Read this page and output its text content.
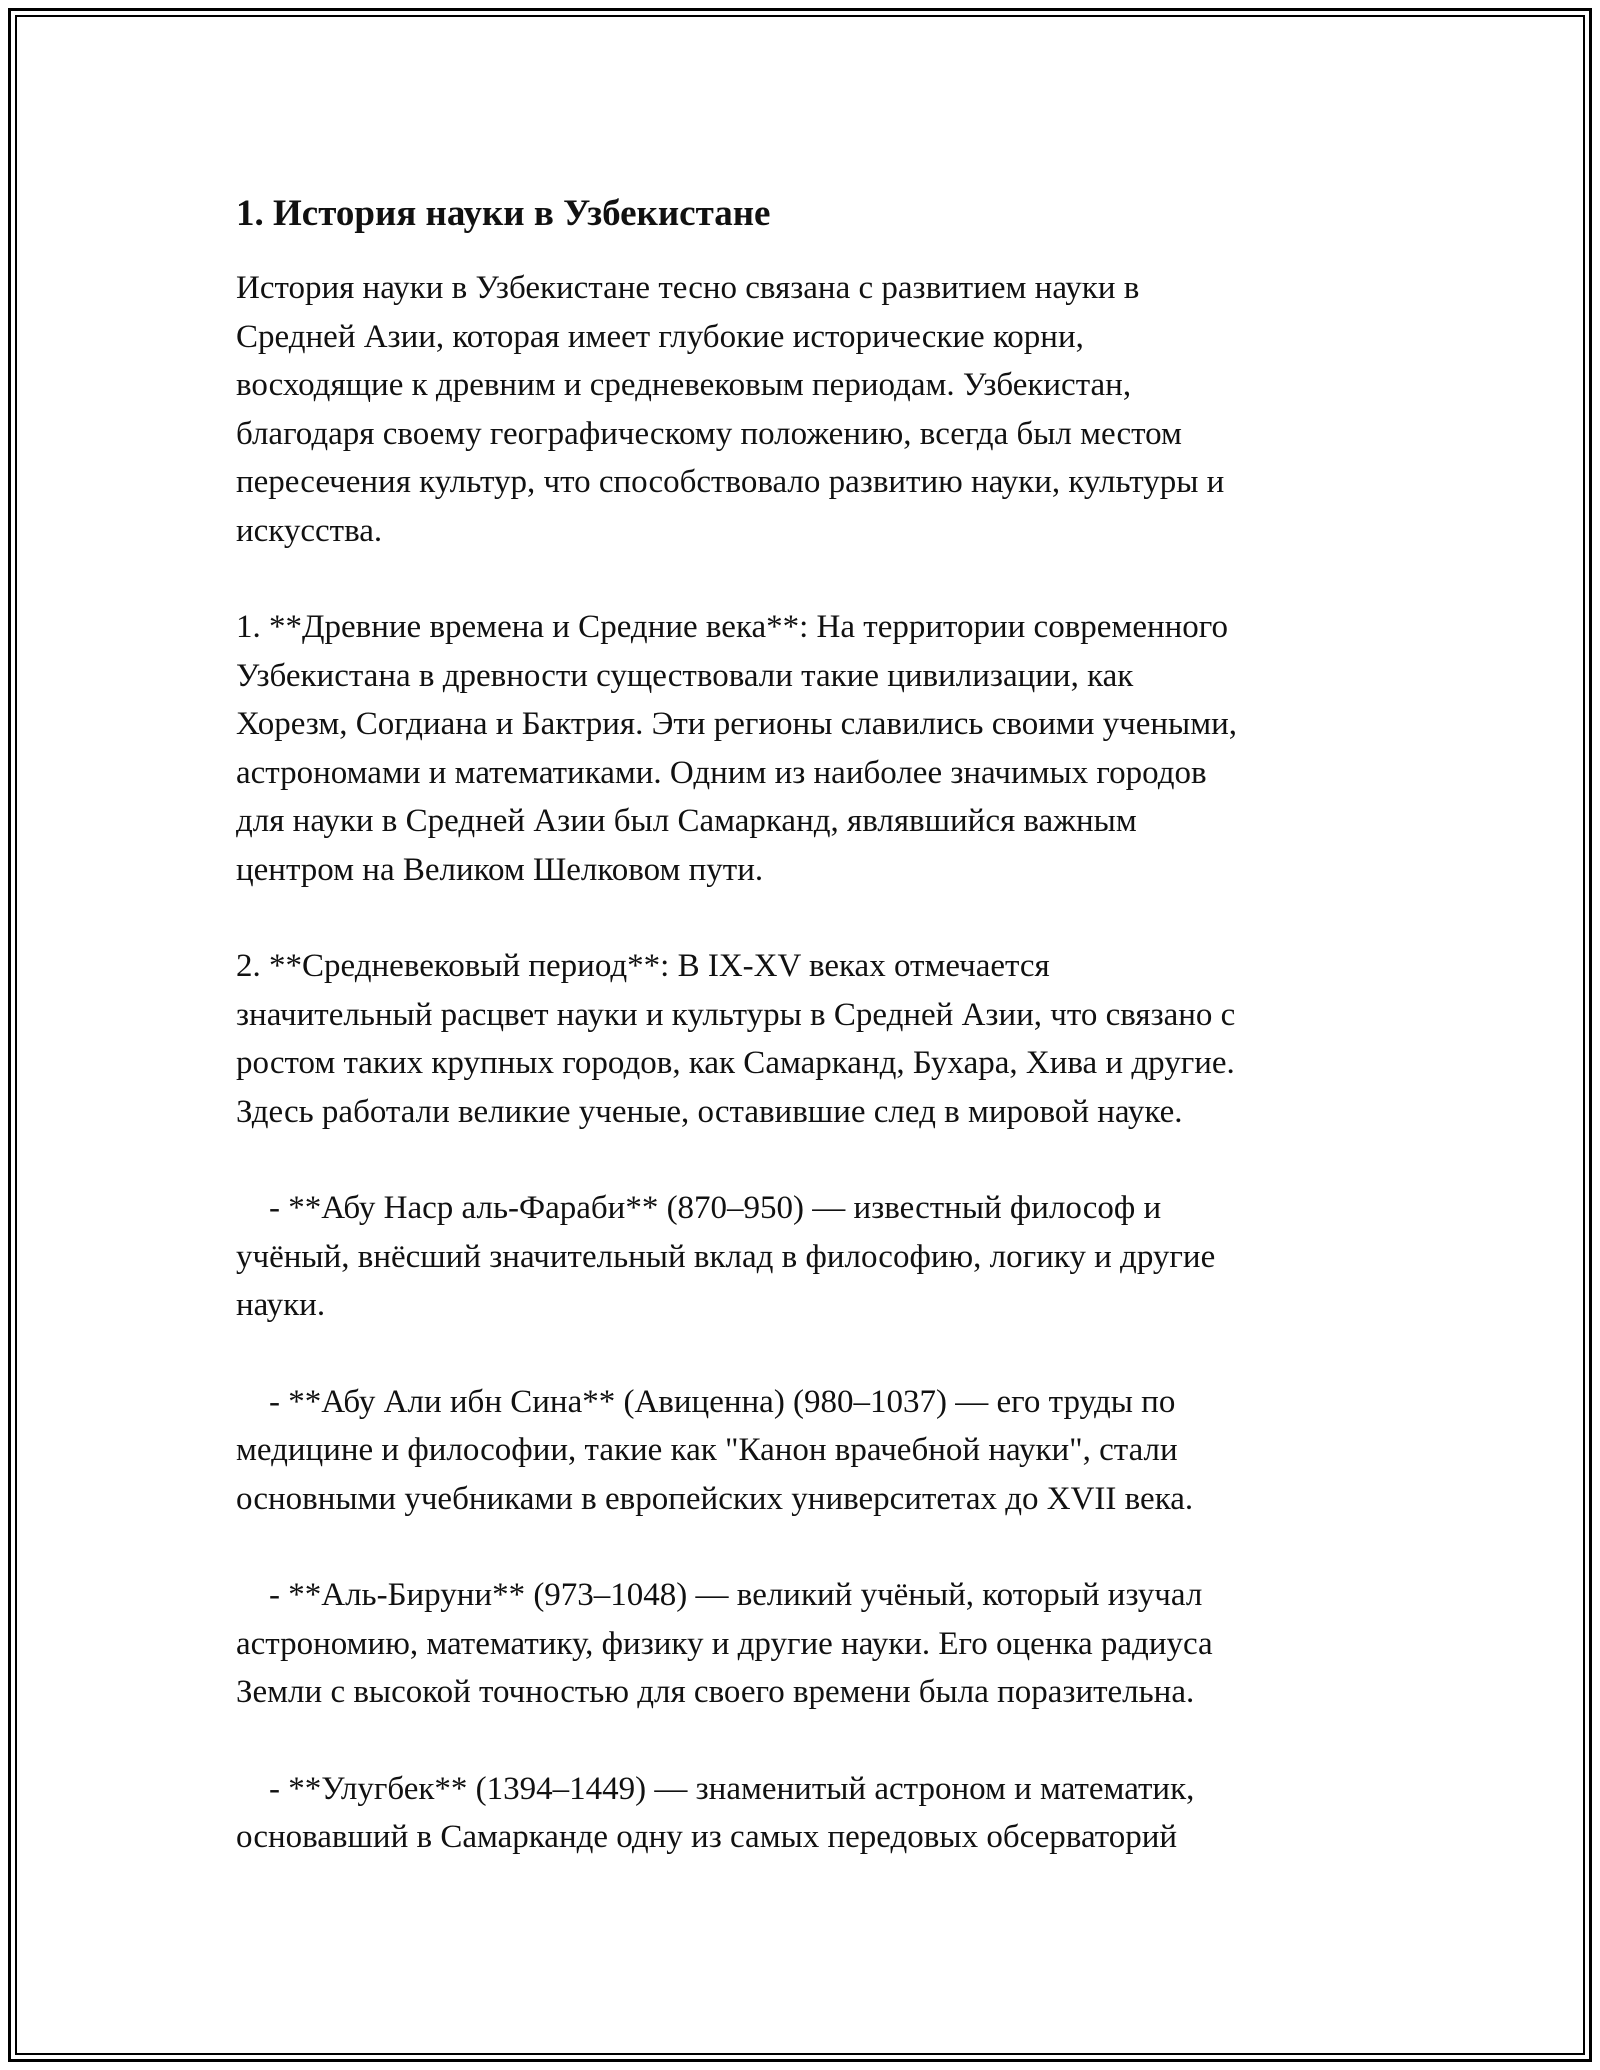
1. История науки в Узбекистане

История науки в Узбекистане тесно связана с развитием науки в
Средней Азии, которая имеет глубокие исторические корни,
восходящие к древним и средневековым периодам. Узбекистан,
благодаря своему географическому положению, всегда был местом
пересечения культур, что способствовало развитию науки, культуры и
искусства.

1. **Древние времена и Средние века**: На территории современного
Узбекистана в древности существовали такие цивилизации, как
Хорезм, Согдиана и Бактрия. Эти регионы славились своими учеными,
астрономами и математиками. Одним из наиболее значимых городов
для науки в Средней Азии был Самарканд, являвшийся важным
центром на Великом Шелковом пути.

2. **Средневековый период**: В IX-XV веках отмечается
значительный расцвет науки и культуры в Средней Азии, что связано с
ростом таких крупных городов, как Самарканд, Бухара, Хива и другие.
Здесь работали великие ученые, оставившие след в мировой науке.

- **Абу Наср аль-Фараби** (870–950) — известный философ и
учёный, внёсший значительный вклад в философию, логику и другие
науки.

- **Абу Али ибн Сина** (Авиценна) (980–1037) — его труды по
медицине и философии, такие как "Канон врачебной науки", стали
основными учебниками в европейских университетах до XVII века.

- **Аль-Бируни** (973–1048) — великий учёный, который изучал
астрономию, математику, физику и другие науки. Его оценка радиуса
Земли с высокой точностью для своего времени была поразительна.

- **Улугбек** (1394–1449) — знаменитый астроном и математик,
основавший в Самарканде одну из самых передовых обсерваторий
